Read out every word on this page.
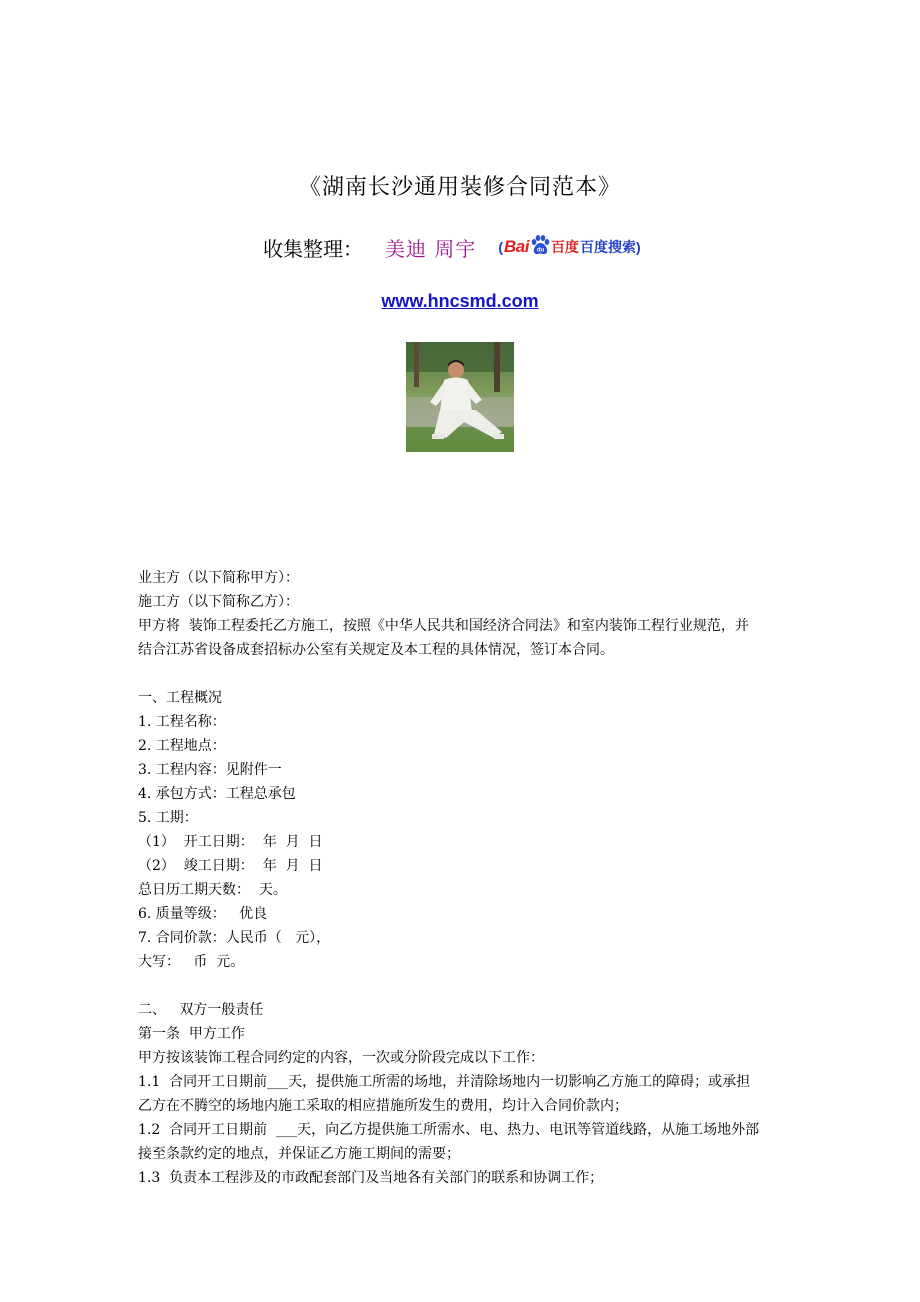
《湖南长沙通用装修合同范本》
收集整理： 美迪 周宇 ( Bai du 百度 百度搜索 )
www.hncsmd.com

业主方（以下简称甲方）：

施工方（以下简称乙方）：

甲方将  装饰工程委托乙方施工，按照《中华人民共和国经济合同法》和室内装饰工程行业规范，并

结合江苏省设备成套招标办公室有关规定及本工程的具体情况，签订本合同。

一、工程概况

1. 工程名称：

2. 工程地点：

3. 工程内容：见附件一

4. 承包方式：工程总承包

5. 工期：

（1）  开工日期：  年  月  日

（2）  竣工日期：  年  月  日

总日历工期天数：  天。

6. 质量等级：   优良

7. 合同价款：人民币（   元），

大写：   币  元。

二、   双方一般责任

第一条  甲方工作

甲方按该装饰工程合同约定的内容，一次或分阶段完成以下工作：

1.1  合同开工日期前___天，提供施工所需的场地，并清除场地内一切影响乙方施工的障碍；或承担

乙方在不腾空的场地内施工采取的相应措施所发生的费用，均计入合同价款内；

1.2  合同开工日期前  ___天，向乙方提供施工所需水、电、热力、电讯等管道线路，从施工场地外部

接至条款约定的地点，并保证乙方施工期间的需要；

1.3  负责本工程涉及的市政配套部门及当地各有关部门的联系和协调工作；
